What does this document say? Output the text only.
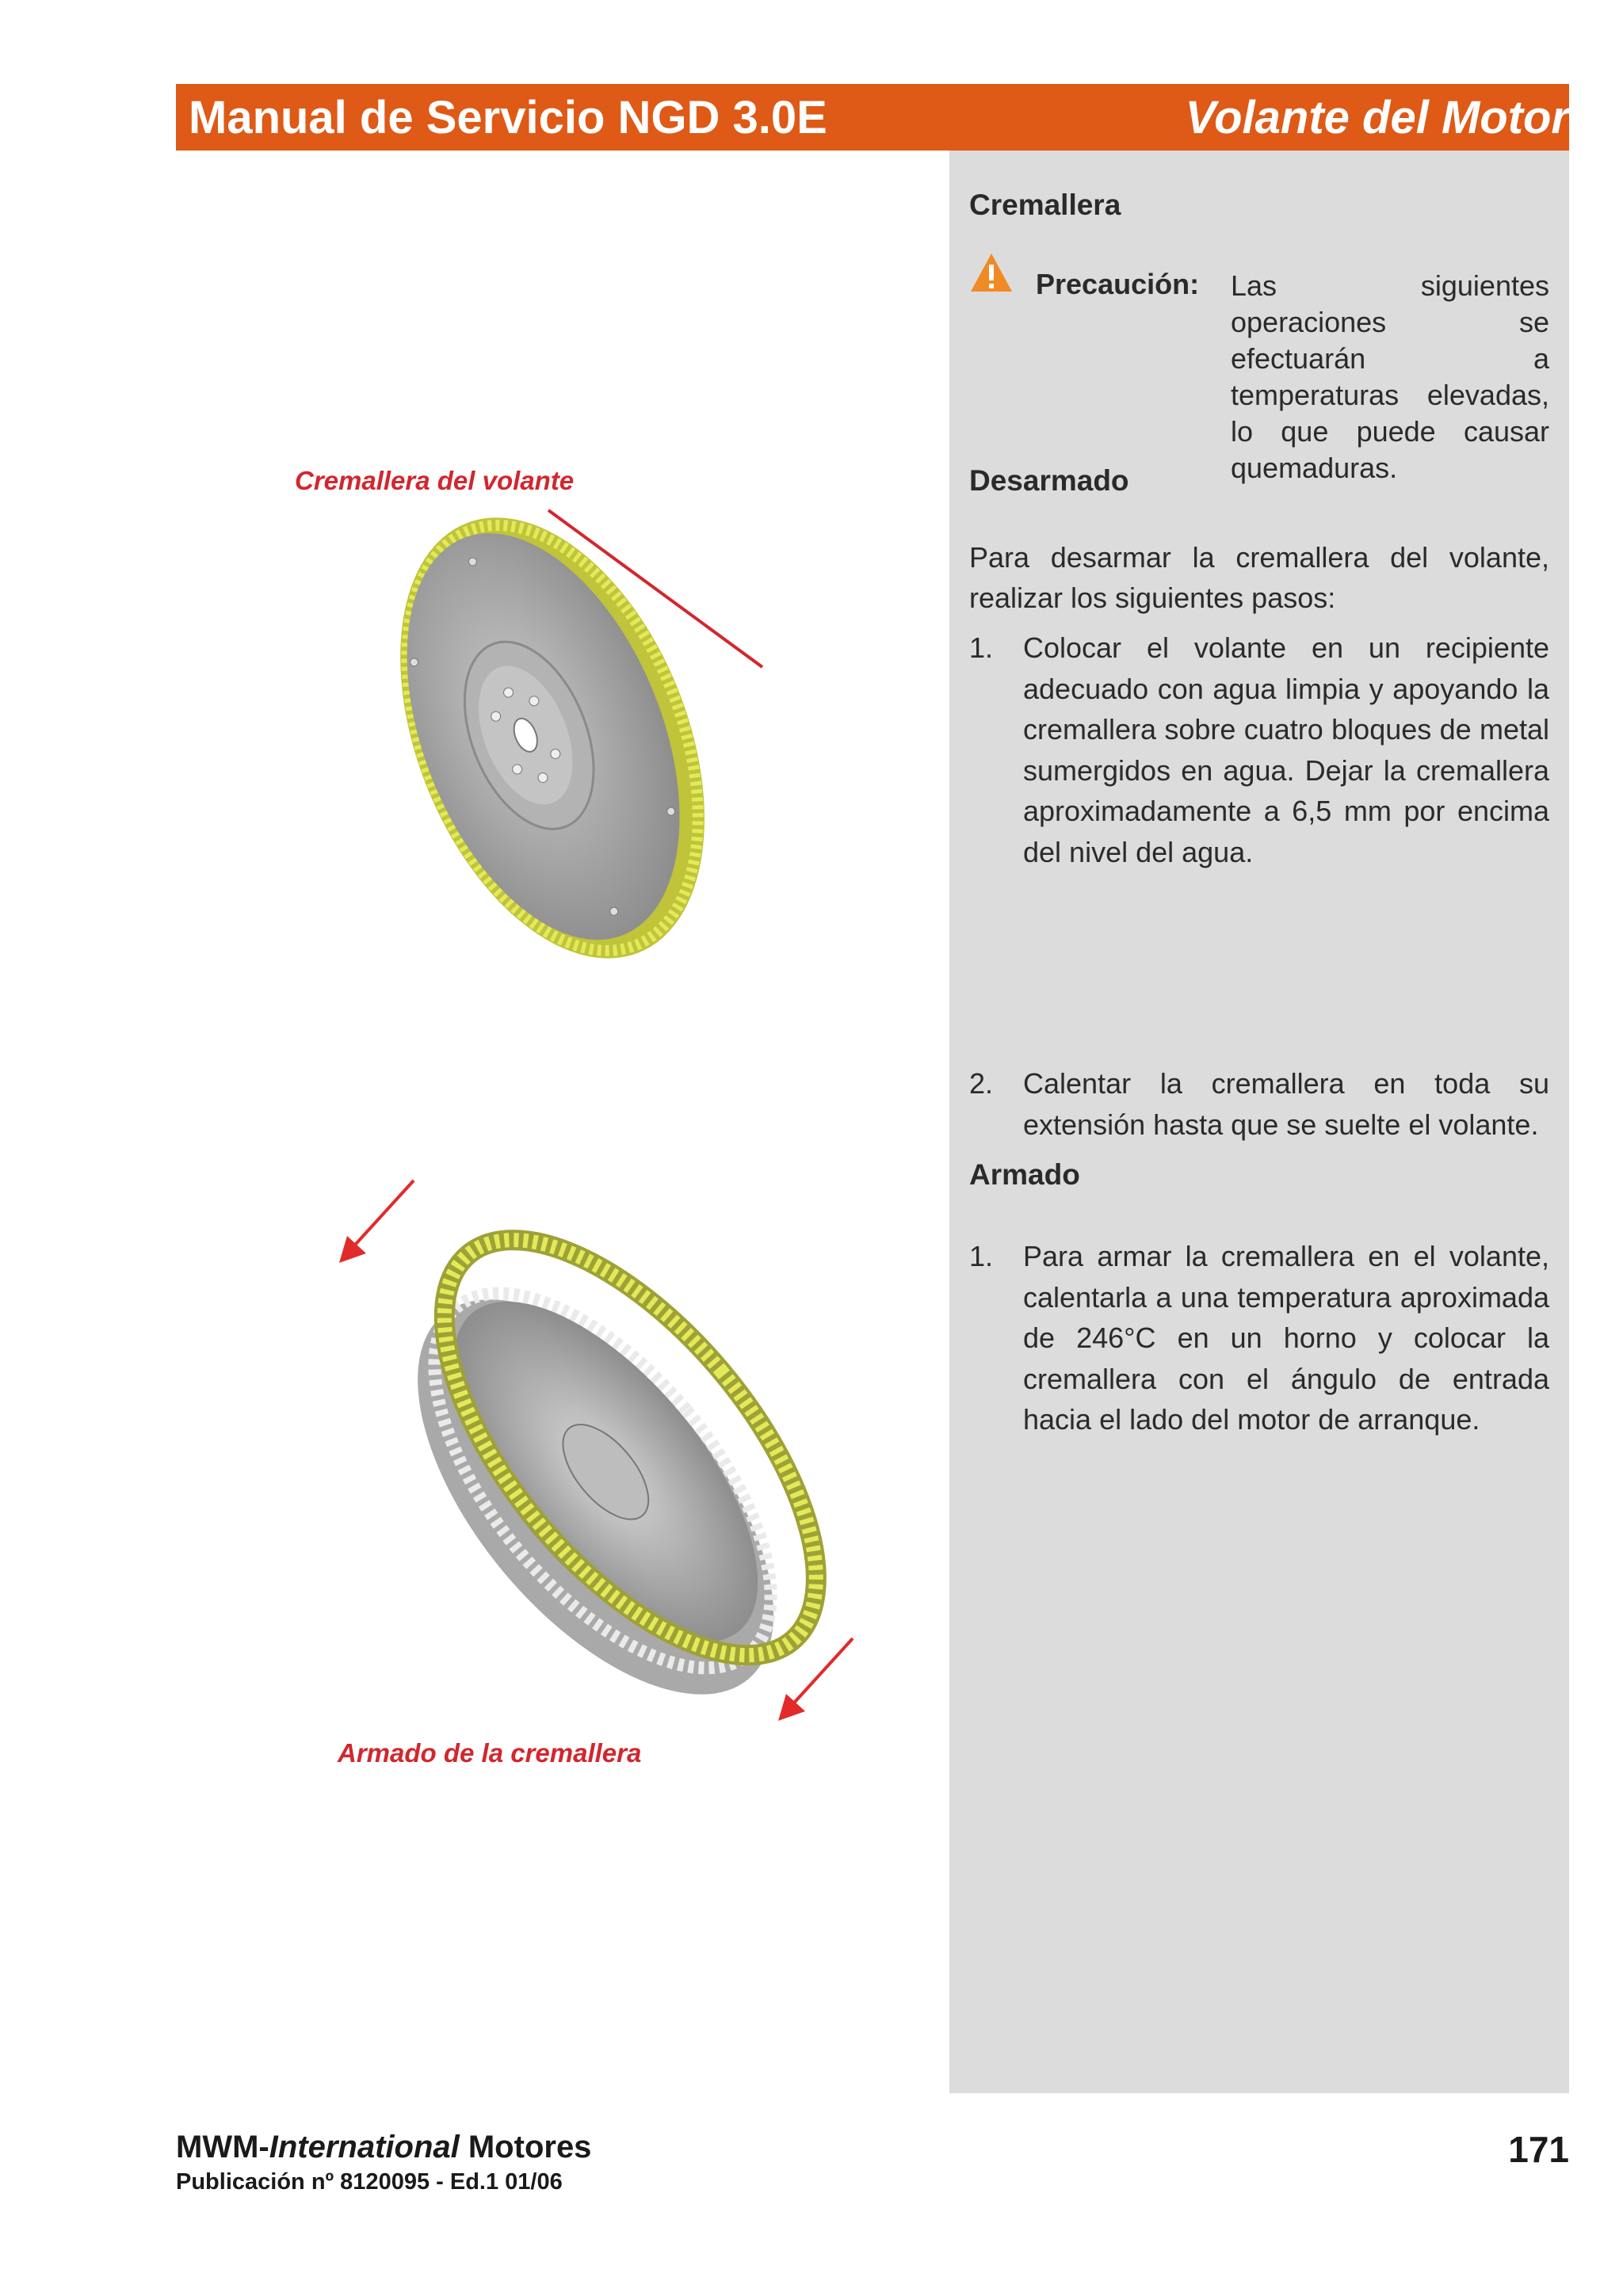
Manual de Servicio NGD 3.0E	Volante del Motor
Cremallera
Precaución: Las siguientes operaciones se efectuarán a temperaturas elevadas, lo que puede causar quemaduras.
Desarmado
Para desarmar la cremallera del volante, realizar los siguientes pasos:
1. Colocar el volante en un recipiente adecuado con agua limpia y apoyando la cremallera sobre cuatro bloques de metal sumergidos en agua. Dejar la cremallera aproximadamente a 6,5 mm por encima del nivel del agua.
2. Calentar la cremallera en toda su extensión hasta que se suelte el volante.
Armado
1. Para armar la cremallera en el volante, calentarla a una temperatura aproximada de 246°C en un horno y colocar la cremallera con el ángulo de entrada hacia el lado del motor de arranque.
Cremallera del volante
Armado de la cremallera
MWM-International Motores
Publicación nº 8120095 - Ed.1 01/06
171
